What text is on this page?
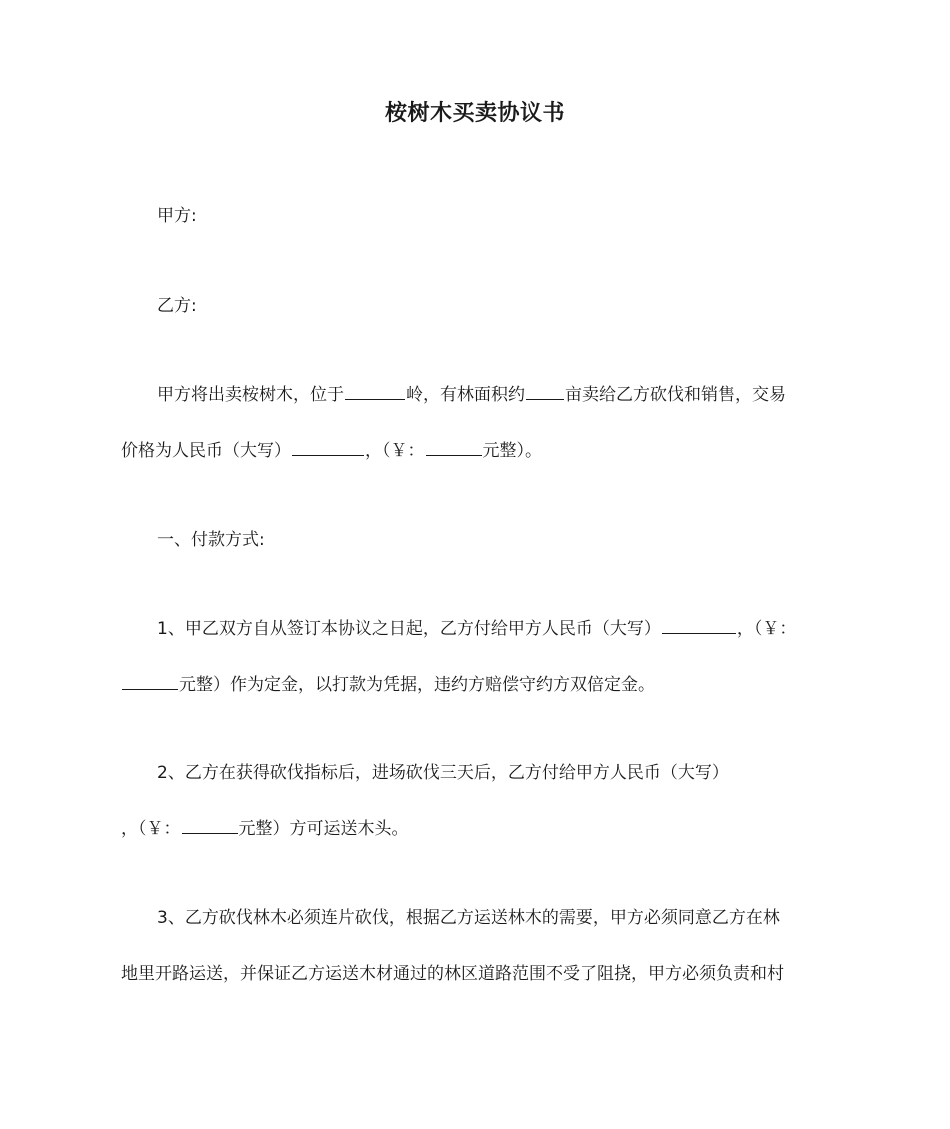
桉树木买卖协议书

甲方:

乙方:

甲方将出卖桉树木，位于	岭，有林面积约 亩卖给乙方砍伐和销售，交易
价格为人民币（大写）	，（￥：	元整）。

一、付款方式:

1、甲乙双方自从签订本协议之日起，乙方付给甲方人民币（大写）	，（￥：
元整）作为定金，以打款为凭据，违约方赔偿守约方双倍定金。
2、乙方在获得砍伐指标后，进场砍伐三天后，乙方付给甲方人民币（大写）
，（￥：	元整）方可运送木头。
3、乙方砍伐林木必须连片砍伐，根据乙方运送林木的需要，甲方必须同意乙方在林
地里开路运送，并保证乙方运送木材通过的林区道路范围不受了阻挠，甲方必须负责和村
